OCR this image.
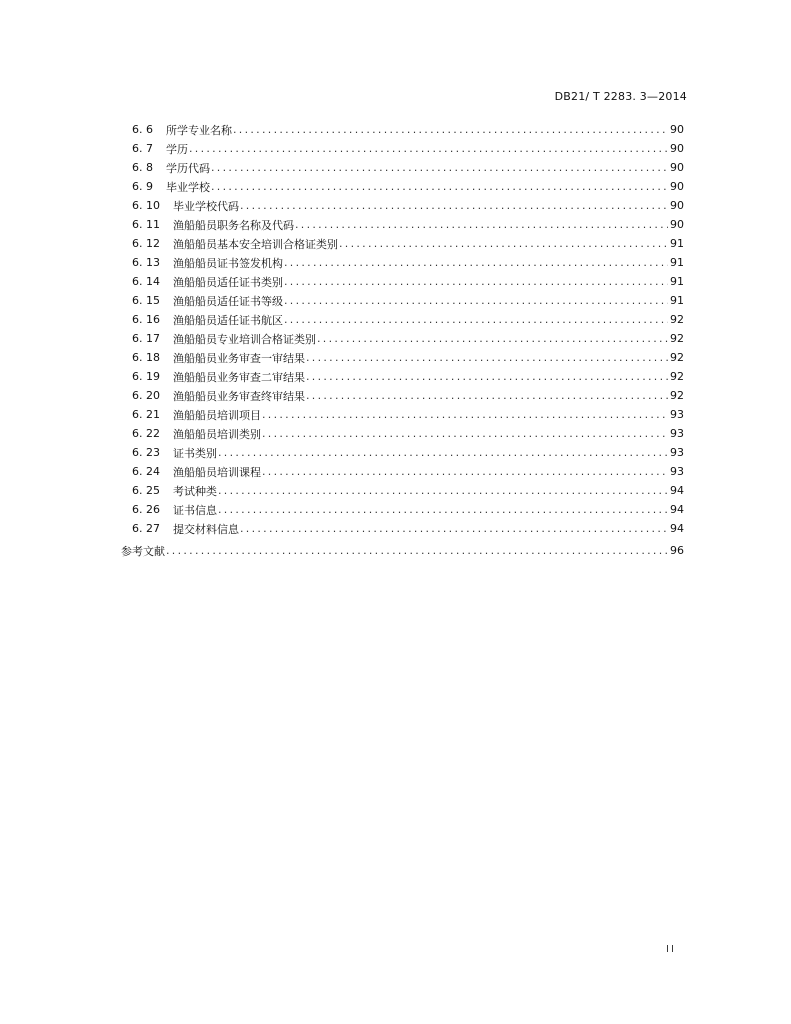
DB21/ T 2283. 3—2014
6. 6	所学专业名称 .....	90
6. 7	学历 .....	90
6. 8	学历代码 .....	90
6. 9	毕业学校 .....	90
6. 10	毕业学校代码 .....	90
6. 11	渔船船员职务名称及代码 .....	90
6. 12	渔船船员基本安全培训合格证类别 .....	91
6. 13	渔船船员证书签发机构 .....	91
6. 14	渔船船员适任证书类别 .....	91
6. 15	渔船船员适任证书等级 .....	91
6. 16	渔船船员适任证书航区 .....	92
6. 17	渔船船员专业培训合格证类别 .....	92
6. 18	渔船船员业务审查一审结果 .....	92
6. 19	渔船船员业务审查二审结果 .....	92
6. 20	渔船船员业务审查终审结果 .....	92
6. 21	渔船船员培训项目 .....	93
6. 22	渔船船员培训类别 .....	93
6. 23	证书类别 .....	93
6. 24	渔船船员培训课程 .....	93
6. 25	考试种类 .....	94
6. 26	证书信息 .....	94
6. 27	提交材料信息 .....	94
参考文献 .....	96
II
